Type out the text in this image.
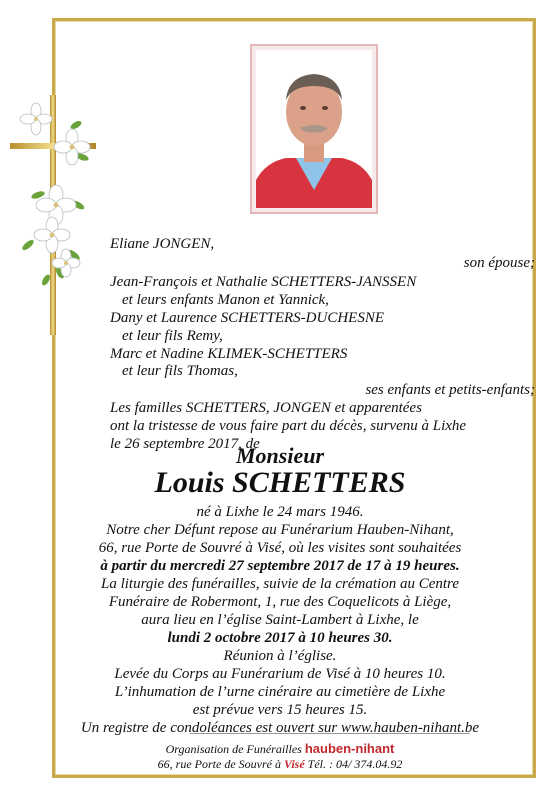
Eliane JONGEN,

son épouse;

Jean-François et Nathalie SCHETTERS-JANSSEN

et leurs enfants Manon et Yannick,

Dany et Laurence SCHETTERS-DUCHESNE

et leur fils Remy,

Marc et Nadine KLIMEK-SCHETTERS

et leur fils Thomas,

ses enfants et petits-enfants;

Les familles SCHETTERS, JONGEN et apparentées

ont la tristesse de vous faire part du décès, survenu à Lixhe

le 26 septembre 2017, de

Monsieur
Louis SCHETTERS
né à Lixhe le 24 mars 1946.
Notre cher Défunt repose au Funérarium Hauben-Nihant,
66, rue Porte de Souvré à Visé, où les visites sont souhaitées
à partir du mercredi 27 septembre 2017 de 17 à 19 heures.
La liturgie des funérailles, suivie de la crémation au Centre
Funéraire de Robermont, 1, rue des Coquelicots à Liège,
aura lieu en l’église Saint-Lambert à Lixhe, le
lundi 2 octobre 2017 à 10 heures 30.
Réunion à l’église.
Levée du Corps au Funérarium de Visé à 10 heures 10.
L’inhumation de l’urne cinéraire au cimetière de Lixhe
est prévue vers 15 heures 15.
Un registre de condoléances est ouvert sur www.hauben-nihant.be
Organisation de Funérailles hauben-nihant
66, rue Porte de Souvré à Visé Tél. : 04/ 374.04.92
